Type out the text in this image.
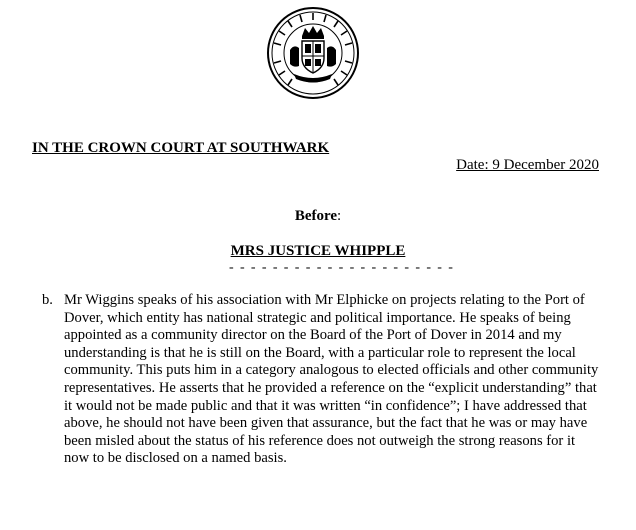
IN THE CROWN COURT AT SOUTHWARK
Date: 9 December 2020
Before:
MRS JUSTICE WHIPPLE
- - - - - - - - - - - - - - - - - - - - -
b. Mr Wiggins speaks of his association with Mr Elphicke on projects relating to the Port of Dover, which entity has national strategic and political importance. He speaks of being appointed as a community director on the Board of the Port of Dover in 2014 and my understanding is that he is still on the Board, with a particular role to represent the local community. This puts him in a category analogous to elected officials and other community representatives. He asserts that he provided a reference on the “explicit understanding” that it would not be made public and that it was written “in confidence”; I have addressed that above, he should not have been given that assurance, but the fact that he was or may have been misled about the status of his reference does not outweigh the strong reasons for it now to be disclosed on a named basis.
